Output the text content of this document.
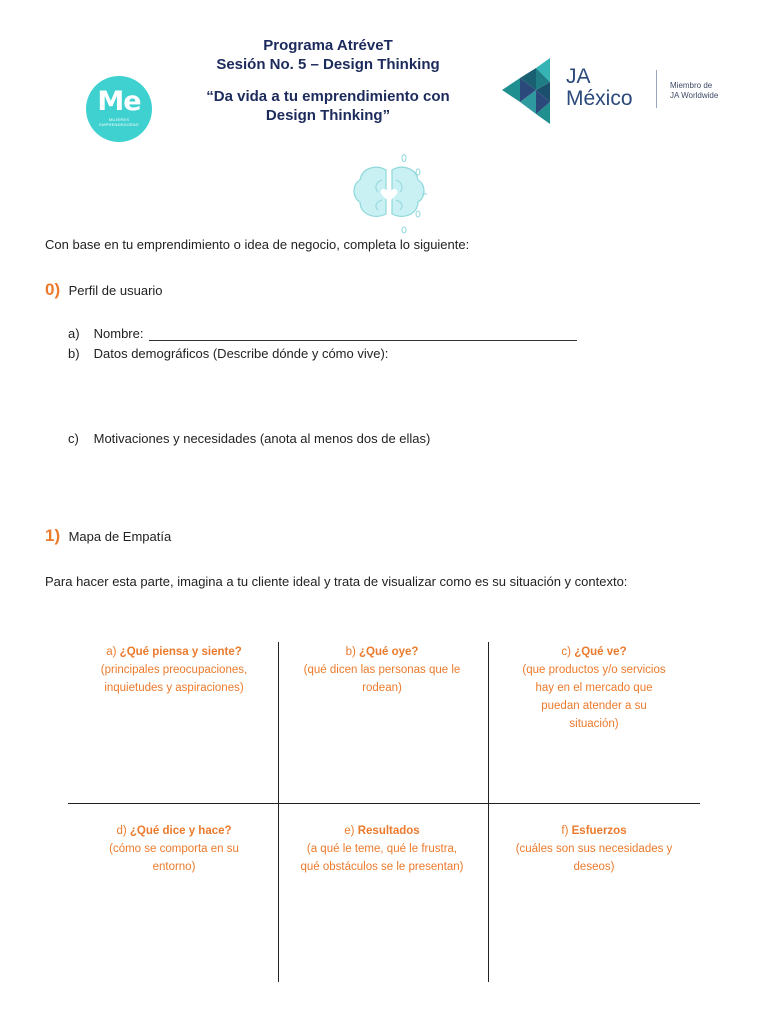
Me
MUJERES
EMPRENDEDORAS
Programa AtréveT
Sesión No. 5 – Design Thinking
“Da vida a tu emprendimiento con
Design Thinking”
JA
México
Miembro de
JA Worldwide
Con base en tu emprendimiento o idea de negocio, completa lo siguiente:
0) Perfil de usuario
a) Nombre:
b) Datos demográficos (Describe dónde y cómo vive):
c) Motivaciones y necesidades (anota al menos dos de ellas)
1) Mapa de Empatía
Para hacer esta parte, imagina a tu cliente ideal y trata de visualizar como es su situación y contexto:
a) ¿Qué piensa y siente?
(principales preocupaciones,
inquietudes y aspiraciones)
b) ¿Qué oye?
(qué dicen las personas que le
rodean)
c) ¿Qué ve?
(que productos y/o servicios
hay en el mercado que
puedan atender a su
situación)
d) ¿Qué dice y hace?
(cómo se comporta en su
entorno)
e) Resultados
(a qué le teme, qué le frustra,
qué obstáculos se le presentan)
f) Esfuerzos
(cuáles son sus necesidades y
deseos)
